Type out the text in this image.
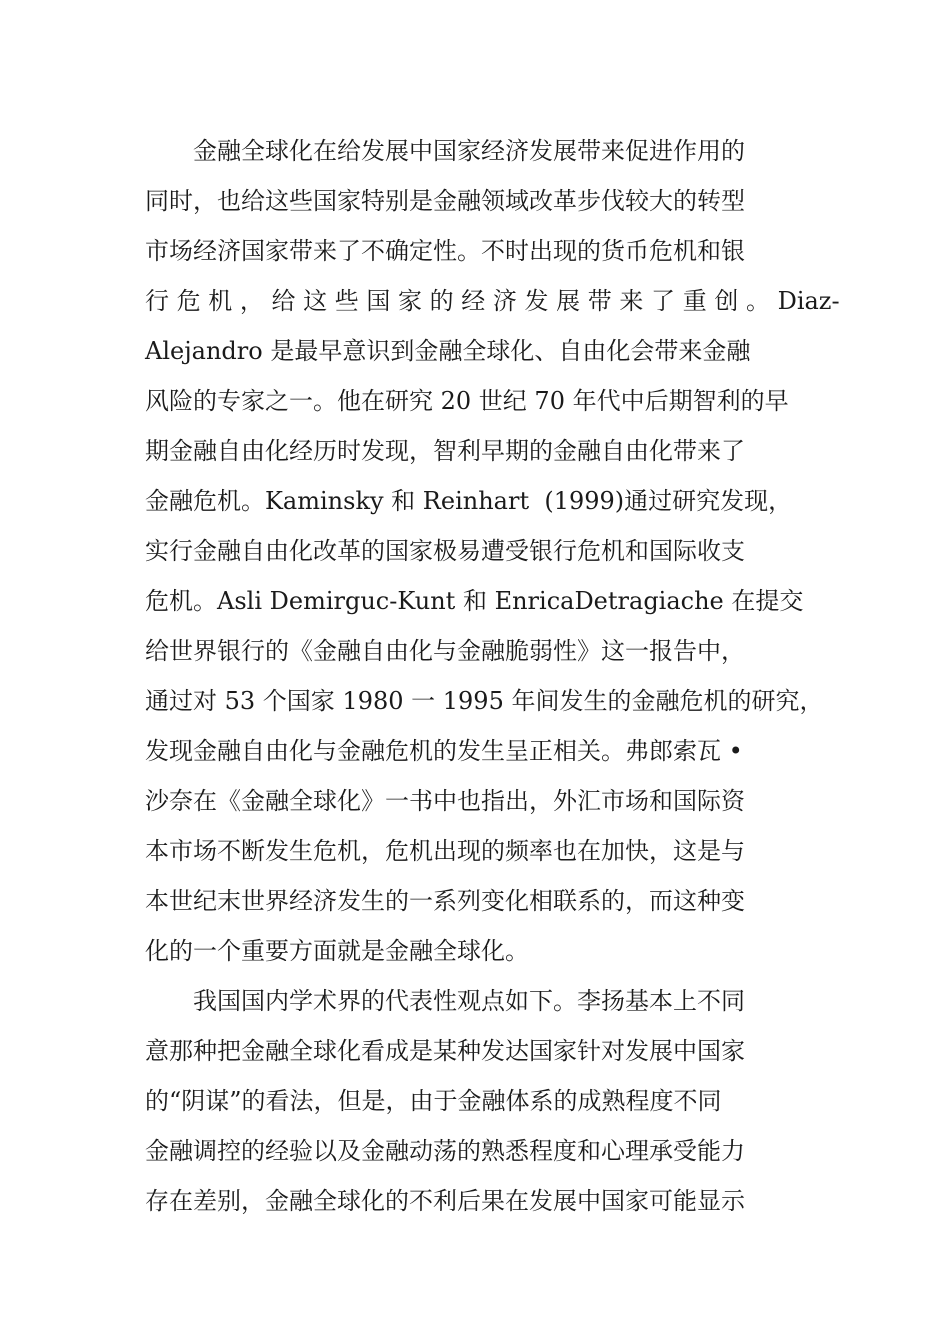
金融全球化在给发展中国家经济发展带来促进作用的
同时，也给这些国家特别是金融领域改革步伐较大的转型
市场经济国家带来了不确定性。不时出现的货币危机和银
行 危 机 ， 给 这 些 国 家 的 经 济 发 展 带 来 了 重 创 。 Diaz-
Alejandro 是最早意识到金融全球化、自由化会带来金融
风险的专家之一。他在研究 20 世纪 70 年代中后期智利的早
期金融自由化经历时发现，智利早期的金融自由化带来了
金融危机。Kaminsky 和 Reinhart  (1999)通过研究发现，
实行金融自由化改革的国家极易遭受银行危机和国际收支
危机。Asli Demirguc-Kunt 和 EnricaDetragiache 在提交
给世界银行的《金融自由化与金融脆弱性》这一报告中，
通过对 53 个国家 1980 一 1995 年间发生的金融危机的研究，
发现金融自由化与金融危机的发生呈正相关。弗郎索瓦 •
沙奈在《金融全球化》一书中也指出，外汇市场和国际资
本市场不断发生危机，危机出现的频率也在加快，这是与
本世纪末世界经济发生的一系列变化相联系的，而这种变
化的一个重要方面就是金融全球化。
我国国内学术界的代表性观点如下。李扬基本上不同
意那种把金融全球化看成是某种发达国家针对发展中国家
的“阴谋”的看法，但是，由于金融体系的成熟程度不同
金融调控的经验以及金融动荡的熟悉程度和心理承受能力
存在差别，金融全球化的不利后果在发展中国家可能显示
